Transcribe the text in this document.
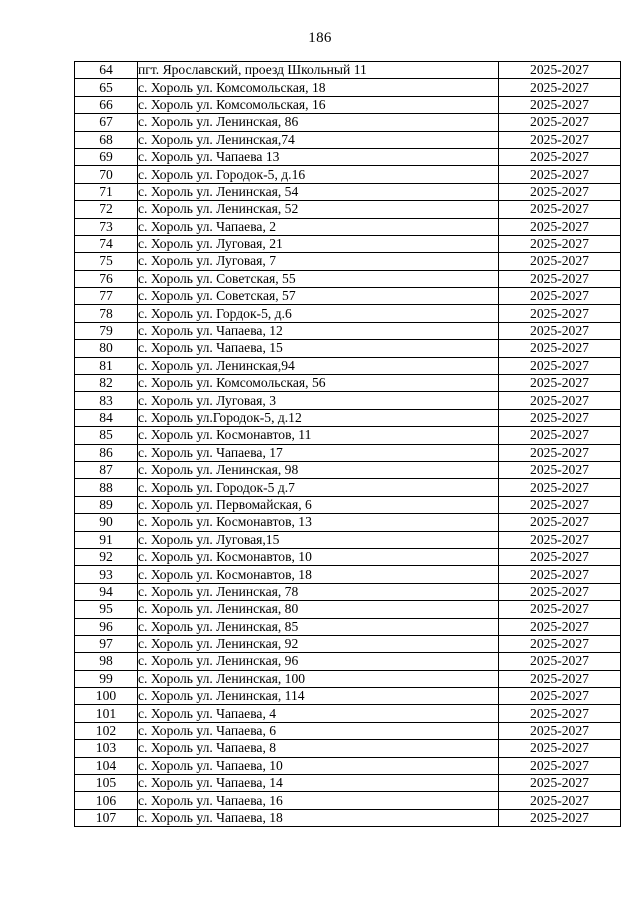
186
64	пгт. Ярославский, проезд Школьный 11	2025-2027
65	с. Хороль ул. Комсомольская, 18	2025-2027
66	с. Хороль ул. Комсомольская, 16	2025-2027
67	с. Хороль ул. Ленинская, 86	2025-2027
68	с. Хороль ул. Ленинская,74	2025-2027
69	с. Хороль ул. Чапаева 13	2025-2027
70	с. Хороль ул. Городок-5, д.16	2025-2027
71	с. Хороль ул. Ленинская, 54	2025-2027
72	с. Хороль ул. Ленинская, 52	2025-2027
73	с. Хороль ул. Чапаева, 2	2025-2027
74	с. Хороль ул. Луговая, 21	2025-2027
75	с. Хороль ул. Луговая, 7	2025-2027
76	с. Хороль ул. Советская, 55	2025-2027
77	с. Хороль ул. Советская, 57	2025-2027
78	с. Хороль ул. Гордок-5, д.6	2025-2027
79	с. Хороль ул. Чапаева, 12	2025-2027
80	с. Хороль ул. Чапаева, 15	2025-2027
81	с. Хороль ул. Ленинская,94	2025-2027
82	с. Хороль ул. Комсомольская, 56	2025-2027
83	с. Хороль ул. Луговая, 3	2025-2027
84	с. Хороль ул.Городок-5, д.12	2025-2027
85	с. Хороль ул. Космонавтов, 11	2025-2027
86	с. Хороль ул. Чапаева, 17	2025-2027
87	с. Хороль ул. Ленинская, 98	2025-2027
88	с. Хороль ул. Городок-5 д.7	2025-2027
89	с. Хороль ул. Первомайская, 6	2025-2027
90	с. Хороль ул. Космонавтов, 13	2025-2027
91	с. Хороль ул. Луговая,15	2025-2027
92	с. Хороль ул. Космонавтов, 10	2025-2027
93	с. Хороль ул. Космонавтов, 18	2025-2027
94	с. Хороль ул. Ленинская, 78	2025-2027
95	с. Хороль ул. Ленинская, 80	2025-2027
96	с. Хороль ул. Ленинская, 85	2025-2027
97	с. Хороль ул. Ленинская, 92	2025-2027
98	с. Хороль ул. Ленинская, 96	2025-2027
99	с. Хороль ул. Ленинская, 100	2025-2027
100	с. Хороль ул. Ленинская, 114	2025-2027
101	с. Хороль ул. Чапаева, 4	2025-2027
102	с. Хороль ул. Чапаева, 6	2025-2027
103	с. Хороль ул. Чапаева, 8	2025-2027
104	с. Хороль ул. Чапаева, 10	2025-2027
105	с. Хороль ул. Чапаева, 14	2025-2027
106	с. Хороль ул. Чапаева, 16	2025-2027
107	с. Хороль ул. Чапаева, 18	2025-2027
